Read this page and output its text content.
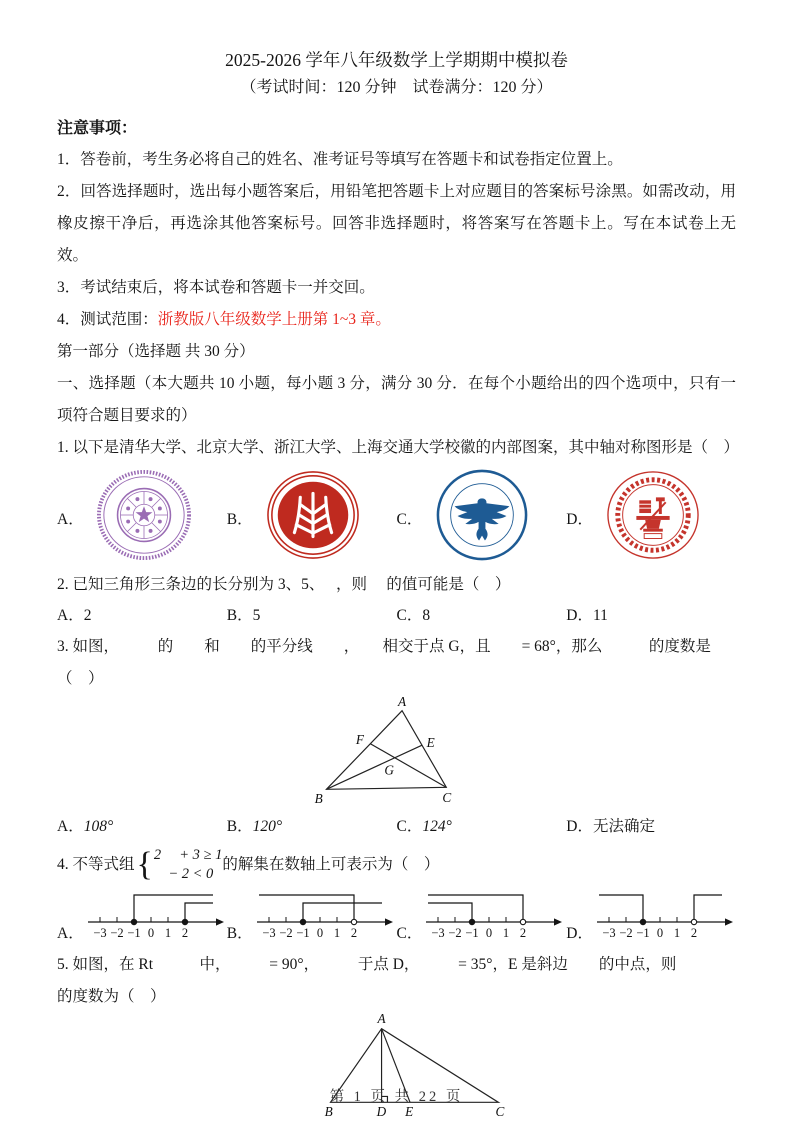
2025-2026 学年八年级数学上学期期中模拟卷
（考试时间：120 分钟　试卷满分：120 分）
注意事项：
1．答卷前，考生务必将自己的姓名、准考证号等填写在答题卡和试卷指定位置上。
2．回答选择题时，选出每小题答案后，用铅笔把答题卡上对应题目的答案标号涂黑。如需改动，用橡皮擦干净后，再选涂其他答案标号。回答非选择题时，将答案写在答题卡上。写在本试卷上无效。
3．考试结束后，将本试卷和答题卡一并交回。
4．测试范围：浙教版八年级数学上册第 1~3 章。
第一部分（选择题 共 30 分）
一、选择题（本大题共 10 小题，每小题 3 分，满分 30 分．在每个小题给出的四个选项中，只有一项符合题目要求的）
1. 以下是清华大学、北京大学、浙江大学、上海交通大学校徽的内部图案，其中轴对称图形是（　）
A．	B．	C．	D．
2. 已知三角形三条边的长分别为 3、5、　 ，则　 的值可能是（　）
A． 2	B． 5	C． 8	D． 11
3. 如图，　　　的　　和　　的平分线　　，　　相交于点 G，且　　= 68°，那么　　　的度数是
（　）
A
B	C
F	E
G
A． 108°	B． 120°	C． 124°	D． 无法确定
4. 不等式组 { 2　 + 3 ≥ 1
　− 2 < 0
的解集在数轴上可表示为（　）
A． −3 −2 −1 0 1 2	B． −3 −2 −1 0 1 2	C． −3 −2 −1 0 1 2	D． −3 −2 −1 0 1 2
5. 如图，在 Rt　　　中，　　　= 90°，　　　于点 D，　　　= 35°，E 是斜边　　的中点，则
的度数为（　）
A
B	D E	C
第 1 页 共 22 页
